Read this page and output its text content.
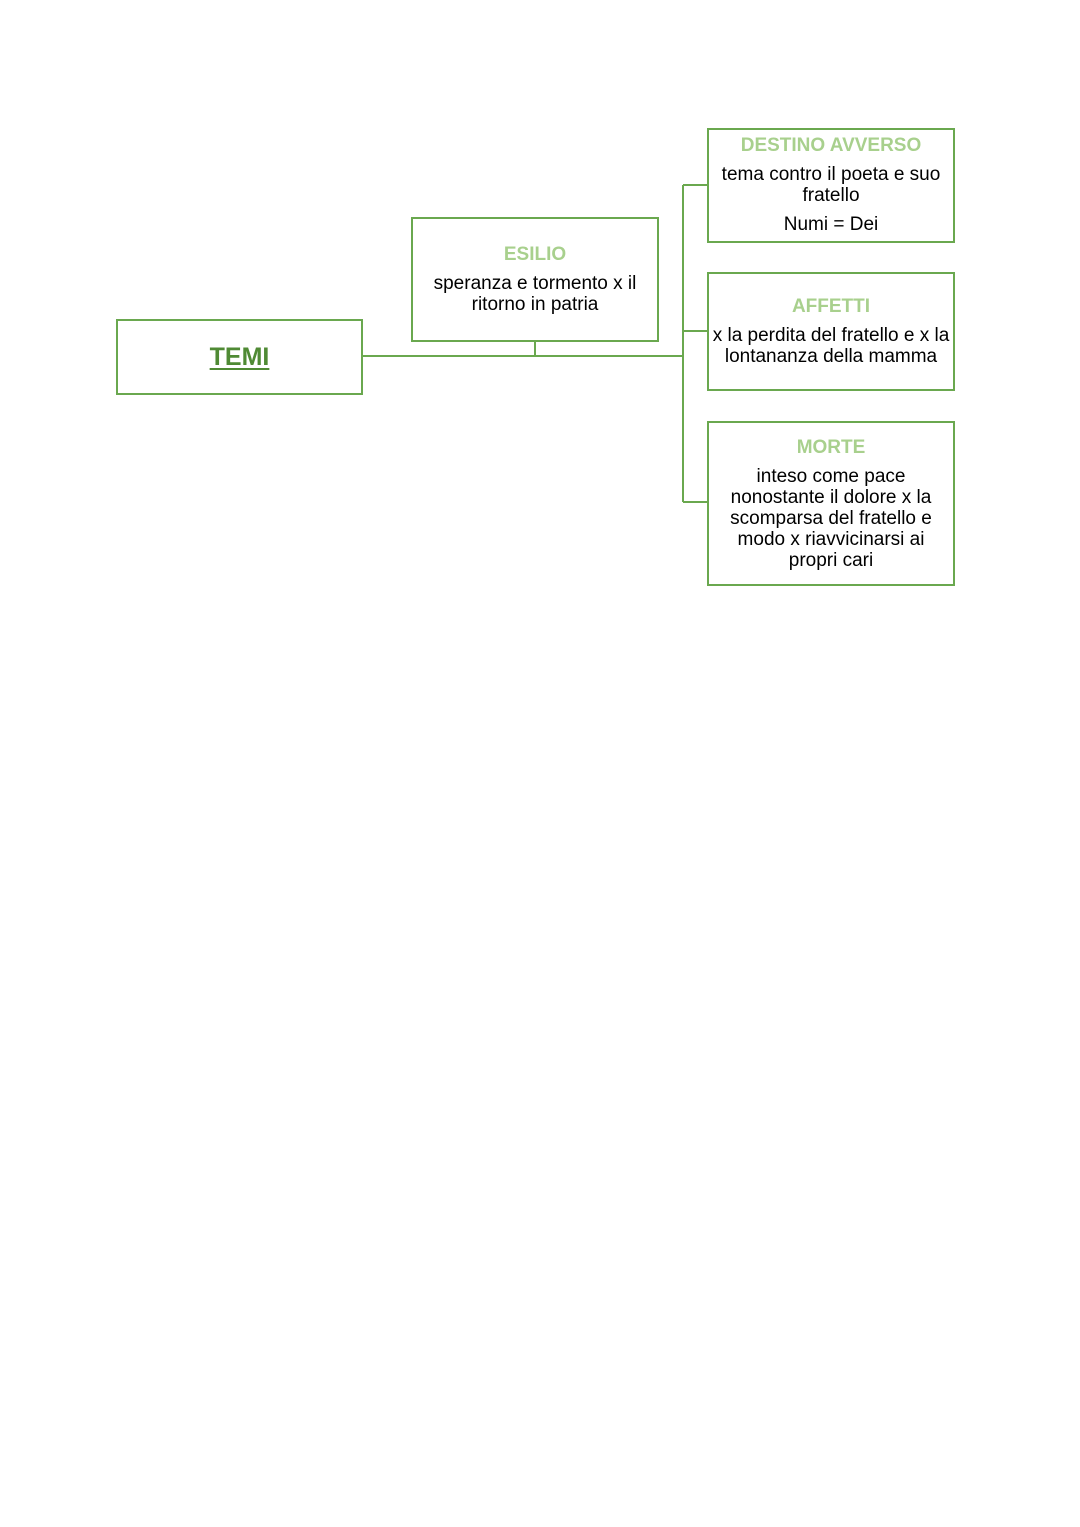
TEMI
ESILIO
speranza e tormento x il ritorno in patria
DESTINO AVVERSO
tema contro il poeta e suo fratello
Numi = Dei
AFFETTI
x la perdita del fratello e x la lontananza della mamma
MORTE
inteso come pace nonostante il dolore x la scomparsa del fratello e modo x riavvicinarsi ai propri cari
